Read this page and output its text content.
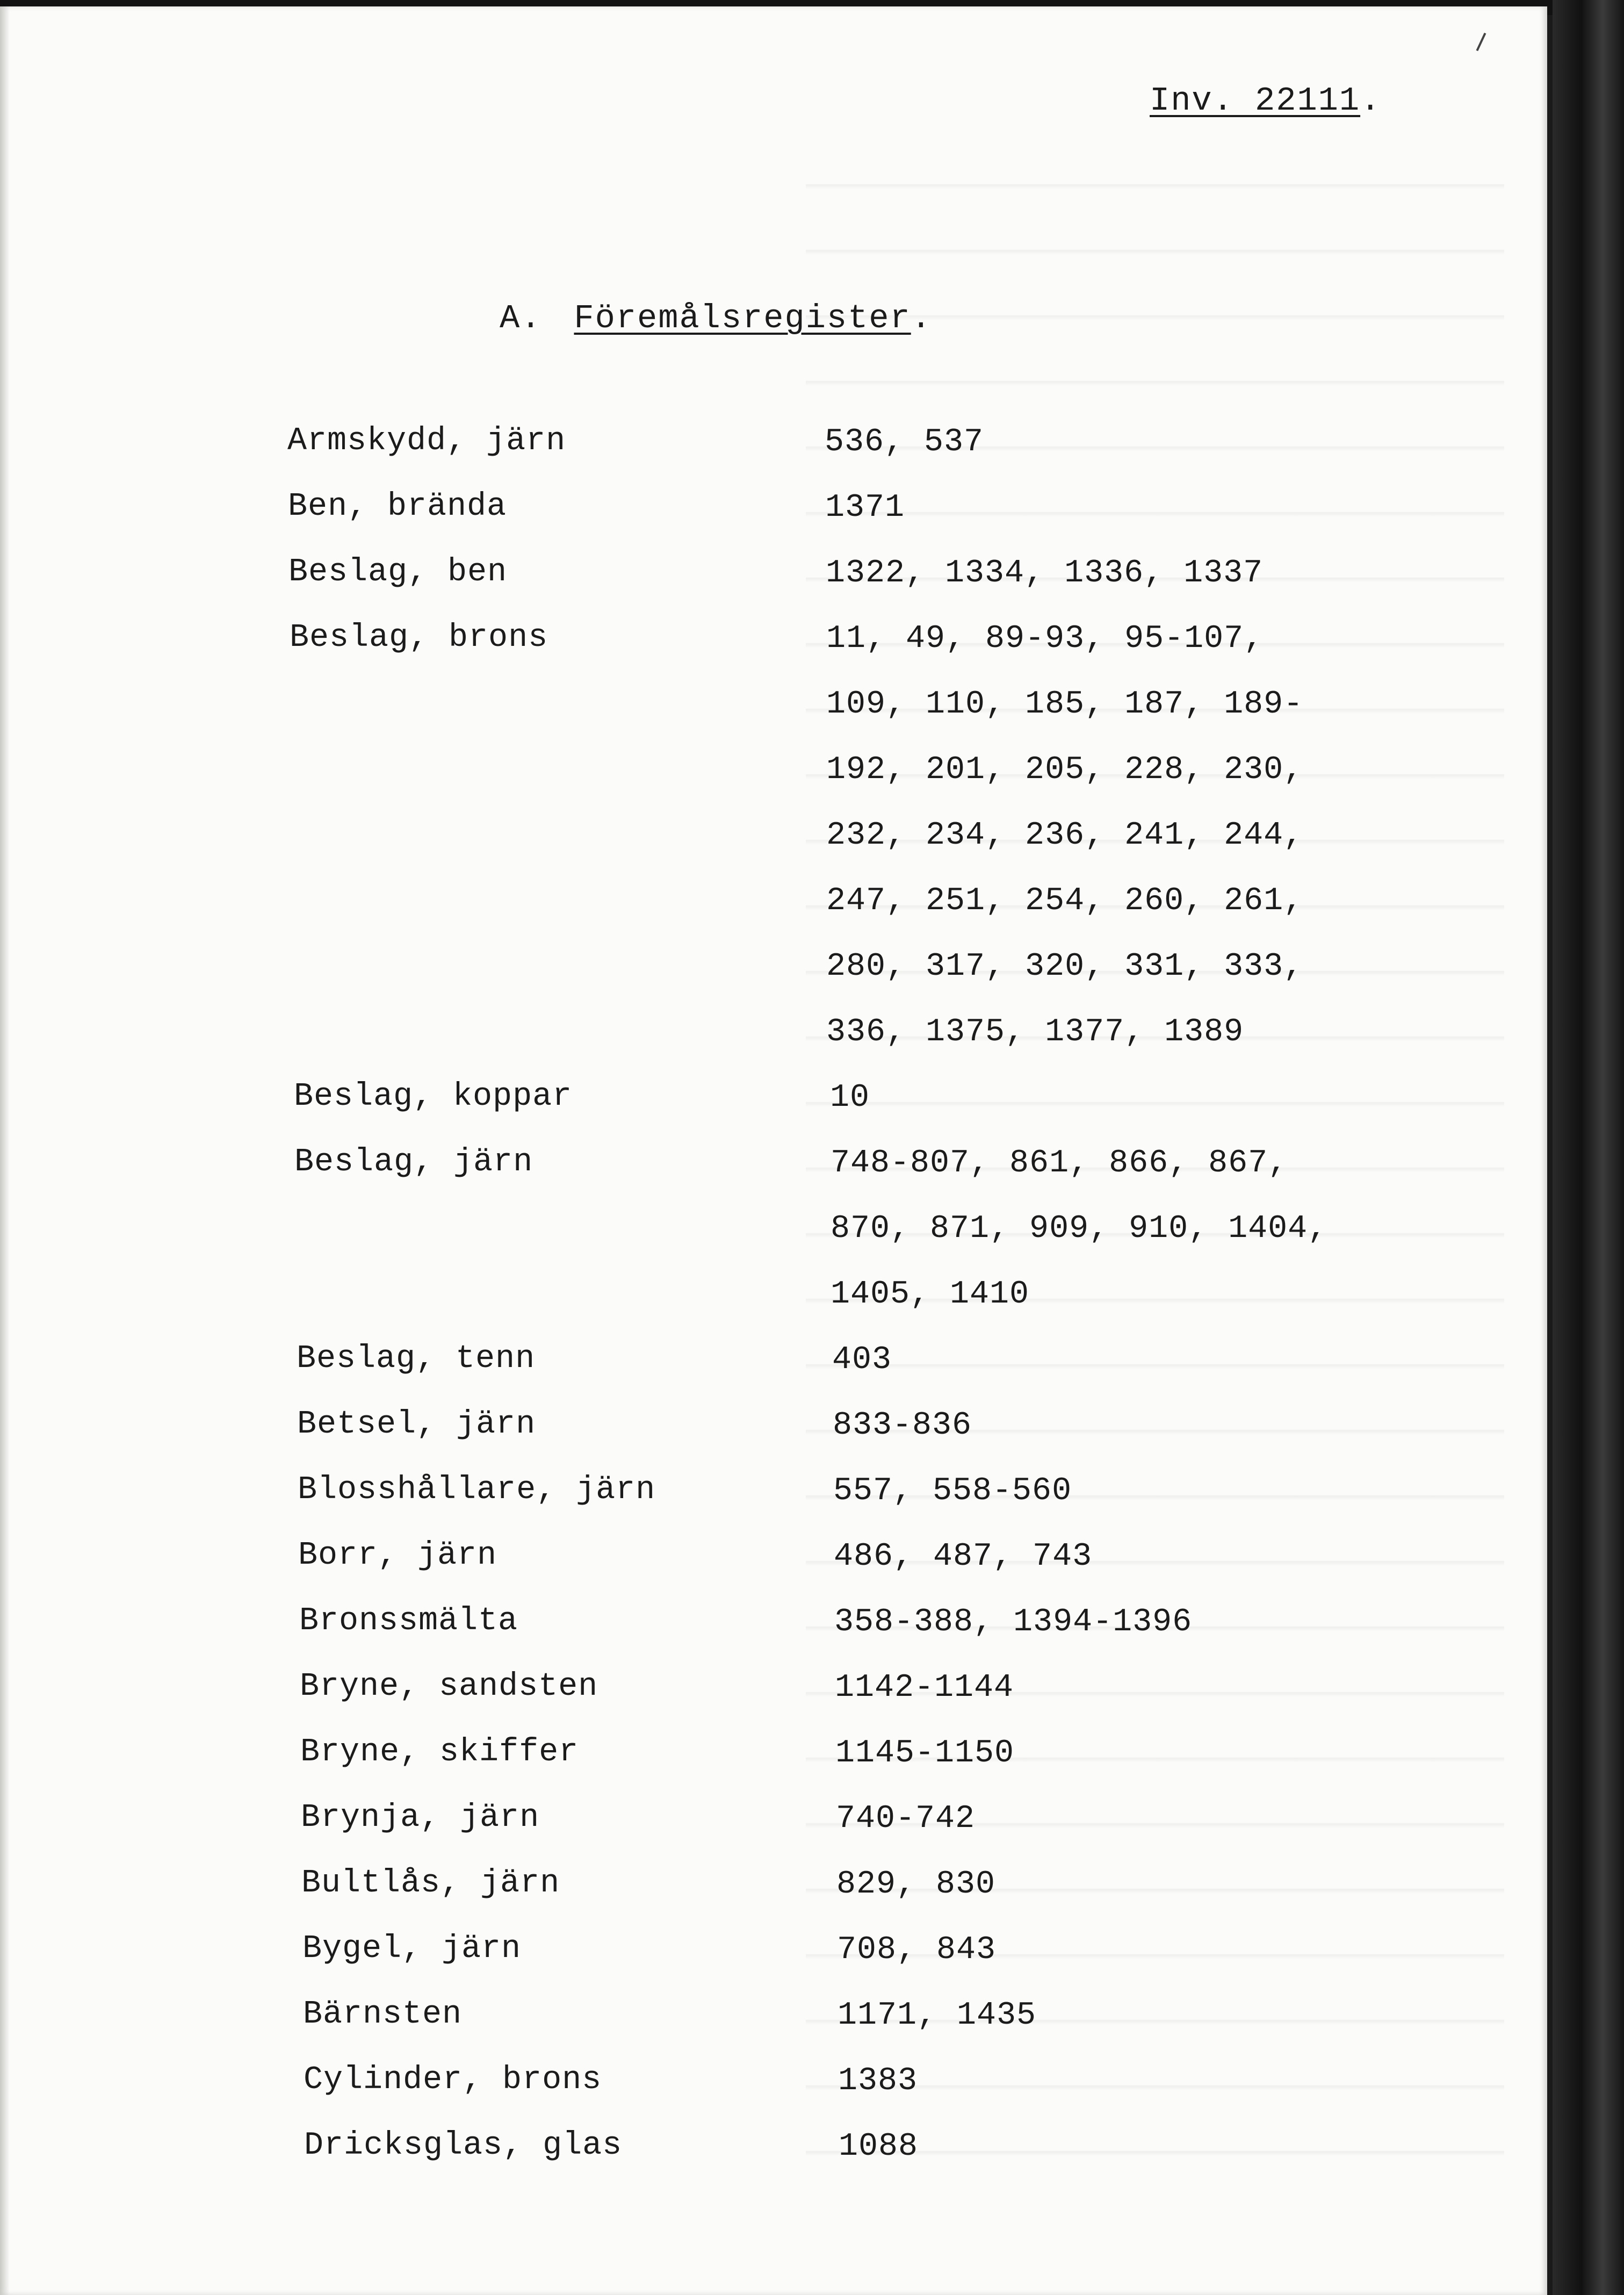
Inv. 22111.
A. Föremålsregister.
Armskydd, järn	536, 537
Ben, brända	1371
Beslag, ben	1322, 1334, 1336, 1337
Beslag, brons	11, 49, 89-93, 95-107,
109, 110, 185, 187, 189-
192, 201, 205, 228, 230,
232, 234, 236, 241, 244,
247, 251, 254, 260, 261,
280, 317, 320, 331, 333,
336, 1375, 1377, 1389
Beslag, koppar	10
Beslag, järn	748-807, 861, 866, 867,
870, 871, 909, 910, 1404,
1405, 1410
Beslag, tenn	403
Betsel, järn	833-836
Blosshållare, järn	557, 558-560
Borr, järn	486, 487, 743
Bronssmälta	358-388, 1394-1396
Bryne, sandsten	1142-1144
Bryne, skiffer	1145-1150
Brynja, järn	740-742
Bultlås, järn	829, 830
Bygel, järn	708, 843
Bärnsten	1171, 1435
Cylinder, brons	1383
Dricksglas, glas	1088
